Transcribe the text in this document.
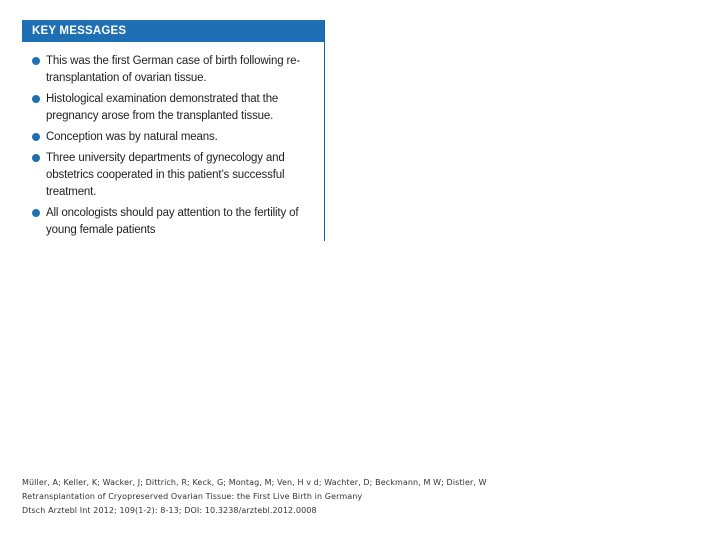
KEY MESSAGES
This was the first German case of birth following re-transplantation of ovarian tissue.
Histological examination demonstrated that the pregnancy arose from the transplanted tissue.
Conception was by natural means.
Three university departments of gynecology and obstetrics cooperated in this patient’s successful treatment.
All oncologists should pay attention to the fertility of young female patients
Müller, A; Keller, K; Wacker, J; Dittrich, R; Keck, G; Montag, M; Ven, H v d; Wachter, D; Beckmann, M W; Distler, W
Retransplantation of Cryopreserved Ovarian Tissue: the First Live Birth in Germany
Dtsch Arztebl Int 2012; 109(1-2): 8-13; DOI: 10.3238/arztebl.2012.0008
